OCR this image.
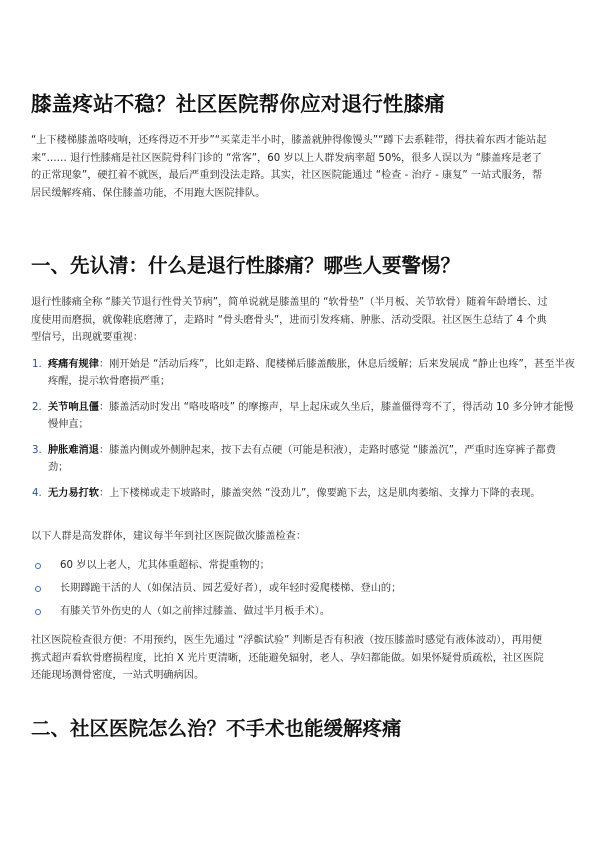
膝盖疼站不稳？社区医院帮你应对退行性膝痛

“上下楼梯膝盖咯吱响，还疼得迈不开步”“买菜走半小时，膝盖就肿得像馒头”“蹲下去系鞋带，得扶着东西才能站起来”…… 退行性膝痛是社区医院骨科门诊的 “常客”，60 岁以上人群发病率超 50%，很多人误以为 “膝盖疼是老了的正常现象”，硬扛着不就医，最后严重到没法走路。其实，社区医院能通过 “检查 - 治疗 - 康复” 一站式服务，帮居民缓解疼痛、保住膝盖功能，不用跑大医院排队。

一、先认清：什么是退行性膝痛？哪些人要警惕？

退行性膝痛全称 “膝关节退行性骨关节病”，简单说就是膝盖里的 “软骨垫”（半月板、关节软骨）随着年龄增长、过度使用而磨损，就像鞋底磨薄了，走路时 “骨头磨骨头”，进而引发疼痛、肿胀、活动受限。社区医生总结了 4 个典型信号，出现就要重视：

1. 疼痛有规律：刚开始是 “活动后疼”，比如走路、爬楼梯后膝盖酸胀，休息后缓解；后来发展成 “静止也疼”，甚至半夜疼醒，提示软骨磨损严重；
2. 关节响且僵：膝盖活动时发出 “咯吱咯吱” 的摩擦声，早上起床或久坐后，膝盖僵得弯不了，得活动 10 多分钟才能慢慢伸直；
3. 肿胀难消退：膝盖内侧或外侧肿起来，按下去有点硬（可能是积液），走路时感觉 “膝盖沉”，严重时连穿裤子都费劲；
4. 无力易打软：上下楼梯或走下坡路时，膝盖突然 “没劲儿”，像要跪下去，这是肌肉萎缩、支撑力下降的表现。

以下人群是高发群体，建议每半年到社区医院做次膝盖检查：

60 岁以上老人，尤其体重超标、常提重物的；
长期蹲跪干活的人（如保洁员、园艺爱好者），或年轻时爱爬楼梯、登山的；
有膝关节外伤史的人（如之前摔过膝盖、做过半月板手术）。

社区医院检查很方便：不用预约，医生先通过 “浮髌试验” 判断是否有积液（按压膝盖时感觉有液体波动），再用便携式超声看软骨磨损程度，比拍 X 光片更清晰，还能避免辐射，老人、孕妇都能做。如果怀疑骨质疏松，社区医院还能现场测骨密度，一站式明确病因。

二、社区医院怎么治？不手术也能缓解疼痛
